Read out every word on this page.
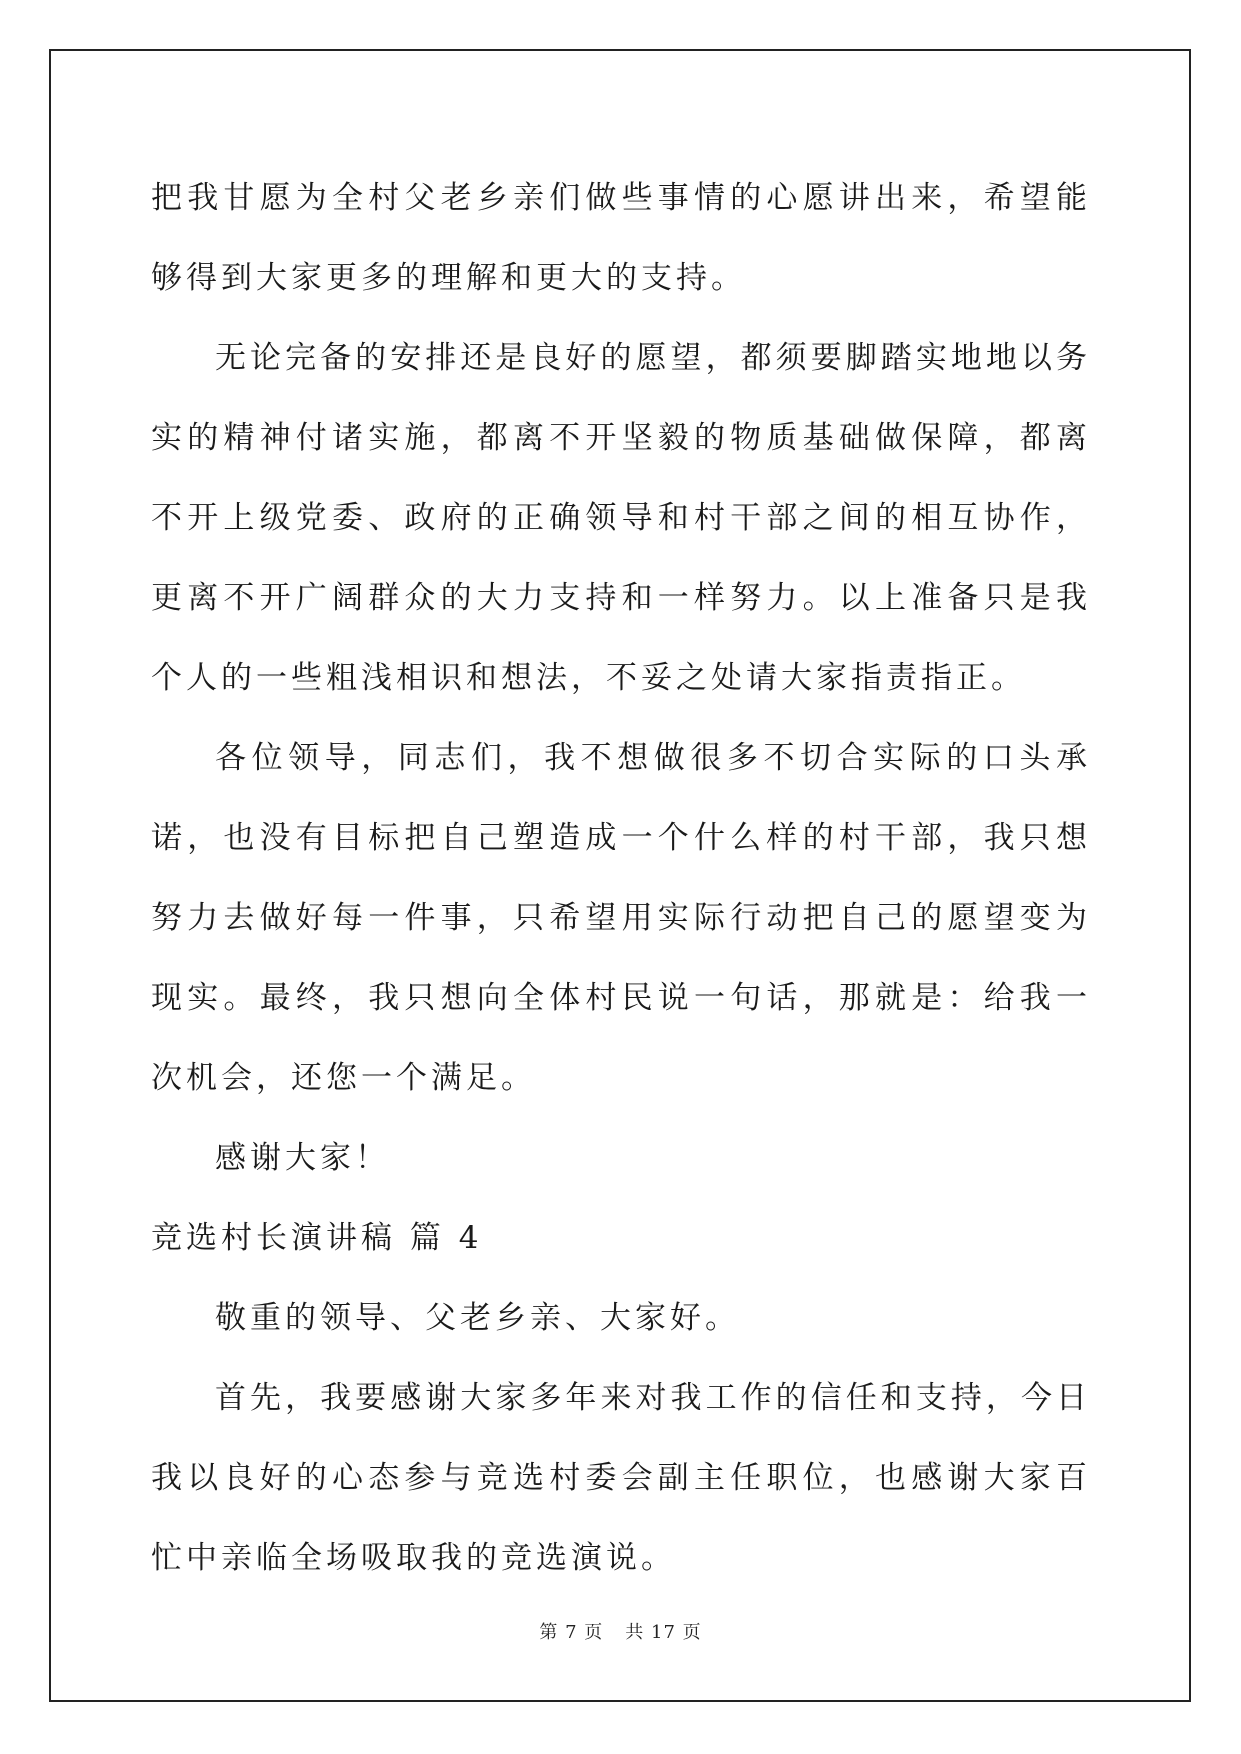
把我甘愿为全村父老乡亲们做些事情的心愿讲出来，希望能够得到大家更多的理解和更大的支持。

无论完备的安排还是良好的愿望，都须要脚踏实地地以务实的精神付诸实施，都离不开坚毅的物质基础做保障，都离不开上级党委、政府的正确领导和村干部之间的相互协作，更离不开广阔群众的大力支持和一样努力。以上准备只是我个人的一些粗浅相识和想法，不妥之处请大家指责指正。

各位领导，同志们，我不想做很多不切合实际的口头承诺，也没有目标把自己塑造成一个什么样的村干部，我只想努力去做好每一件事，只希望用实际行动把自己的愿望变为现实。最终，我只想向全体村民说一句话，那就是：给我一次机会，还您一个满足。

感谢大家！

竞选村长演讲稿 篇 4

敬重的领导、父老乡亲、大家好。

首先，我要感谢大家多年来对我工作的信任和支持，今日我以良好的心态参与竞选村委会副主任职位，也感谢大家百忙中亲临全场吸取我的竞选演说。

第 7 页 共 17 页
